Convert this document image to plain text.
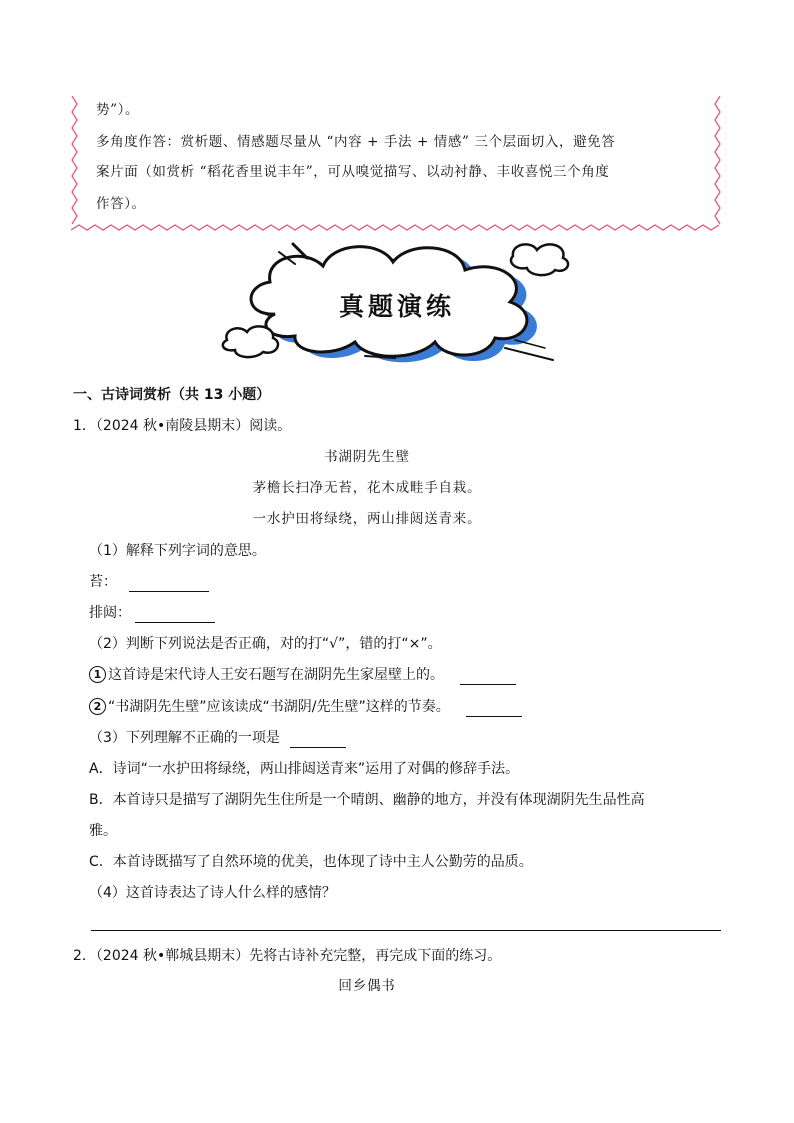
势”）。
多角度作答：赏析题、情感题尽量从 “内容 + 手法 + 情感” 三个层面切入，避免答
案片面（如赏析 “稻花香里说丰年”，可从嗅觉描写、以动衬静、丰收喜悦三个角度
作答）。
真题演练
一、古诗词赏析（共 13 小题）
1．（2024 秋•南陵县期末）阅读。
书湖阴先生壁
茅檐长扫净无苔，花木成畦手自栽。
一水护田将绿绕，两山排闼送青来。
（1）解释下列字词的意思。
苔：
排闼：
（2）判断下列说法是否正确，对的打“√”，错的打“×”。
1 这首诗是宋代诗人王安石题写在湖阴先生家屋壁上的。
2 “书湖阴先生壁”应该读成“书湖阴/先生壁”这样的节奏。
（3）下列理解不正确的一项是
A．诗词“一水护田将绿绕，两山排闼送青来”运用了对偶的修辞手法。
B．本首诗只是描写了湖阴先生住所是一个晴朗、幽静的地方，并没有体现湖阴先生品性高
雅。
C．本首诗既描写了自然环境的优美，也体现了诗中主人公勤劳的品质。
（4）这首诗表达了诗人什么样的感情？
2．（2024 秋•郸城县期末）先将古诗补充完整，再完成下面的练习。
回乡偶书
